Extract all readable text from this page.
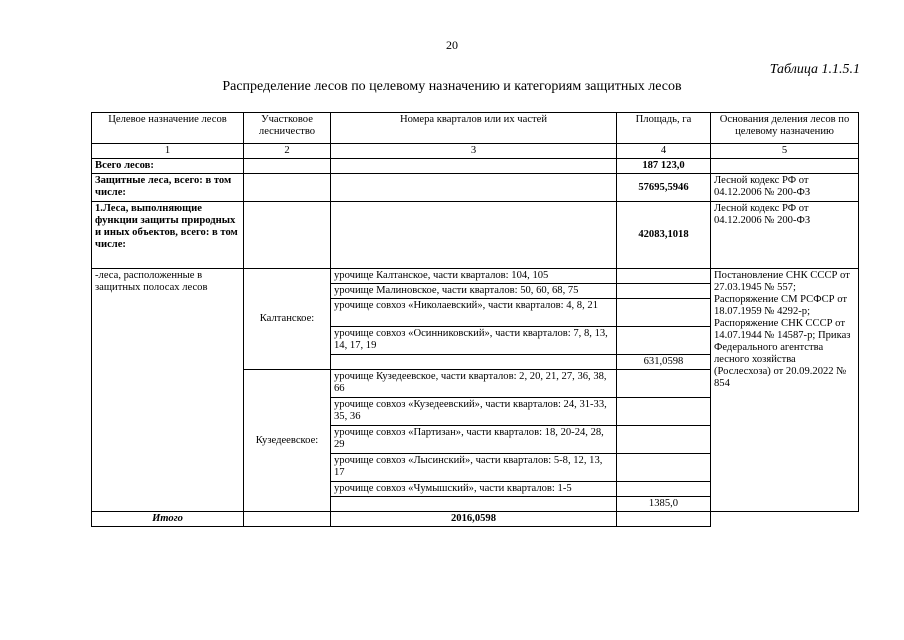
20
Таблица 1.1.5.1
Распределение лесов по целевому назначению и категориям защитных лесов
Целевое назначение лесов	Участковое лесничество	Номера кварталов или их частей	Площадь, га	Основания деления лесов по целевому назначению
1	2	3	4	5
Всего лесов:			187 123,0	
Защитные леса, всего: в том числе:			57695,5946	Лесной кодекс РФ от 04.12.2006 № 200-ФЗ
1.Леса, выполняющие функции защиты природных и иных объектов, всего: в том числе:			42083,1018	Лесной кодекс РФ от 04.12.2006 № 200-ФЗ
-леса, расположенные в защитных полосах лесов	Калтанское:	урочище Калтанское, части кварталов: 104, 105		Постановление СНК СССР от 27.03.1945 № 557; Распоряжение СМ РСФСР от 18.07.1959 № 4292-р; Распоряжение СНК СССР от 14.07.1944 № 14587-р; Приказ Федерального агентства лесного хозяйства (Рослесхоза) от 20.09.2022 № 854
		урочище Малиновское, части кварталов: 50, 60, 68, 75		
		урочище совхоз «Николаевский», части кварталов: 4, 8, 21		
		урочище совхоз «Осинниковский», части кварталов: 7, 8, 13, 14, 17, 19		
			631,0598	
	Кузедеевское:	урочище Кузедеевское, части кварталов: 2, 20, 21, 27, 36, 38, 66		
		урочище совхоз «Кузедеевский», части кварталов: 24, 31-33, 35, 36		
		урочище совхоз «Партизан», части кварталов: 18, 20-24, 28, 29		
		урочище совхоз «Лысинский», части кварталов: 5-8, 12, 13, 17		
		урочище совхоз «Чумышский», части кварталов: 1-5		
			1385,0	
Итого		2016,0598		
